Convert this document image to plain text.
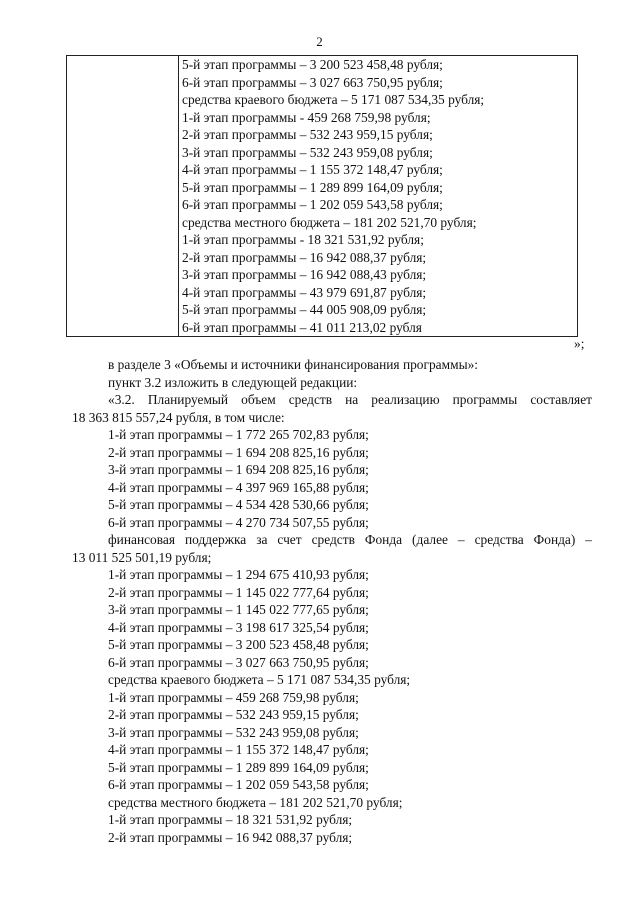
2
5-й этап программы – 3 200 523 458,48 рубля;
6-й этап программы – 3 027 663 750,95 рубля;
средства краевого бюджета – 5 171 087 534,35 рубля;
1-й этап программы - 459 268 759,98 рубля;
2-й этап программы – 532 243 959,15 рубля;
3-й этап программы – 532 243 959,08 рубля;
4-й этап программы – 1 155 372 148,47 рубля;
5-й этап программы – 1 289 899 164,09 рубля;
6-й этап программы – 1 202 059 543,58 рубля;
средства местного бюджета – 181 202 521,70 рубля;
1-й этап программы - 18 321 531,92 рубля;
2-й этап программы – 16 942 088,37 рубля;
3-й этап программы – 16 942 088,43 рубля;
4-й этап программы – 43 979 691,87 рубля;
5-й этап программы – 44 005 908,09 рубля;
6-й этап программы – 41 011 213,02 рубля
»;
в разделе 3 «Объемы и источники финансирования программы»:
пункт 3.2 изложить в следующей редакции:
«3.2. Планируемый объем средств на реализацию программы составляет
18 363 815 557,24 рубля, в том числе:
1-й этап программы – 1 772 265 702,83 рубля;
2-й этап программы – 1 694 208 825,16 рубля;
3-й этап программы – 1 694 208 825,16 рубля;
4-й этап программы – 4 397 969 165,88 рубля;
5-й этап программы – 4 534 428 530,66 рубля;
6-й этап программы – 4 270 734 507,55 рубля;
финансовая поддержка за счет средств Фонда (далее – средства Фонда) –
13 011 525 501,19 рубля;
1-й этап программы – 1 294 675 410,93 рубля;
2-й этап программы – 1 145 022 777,64 рубля;
3-й этап программы – 1 145 022 777,65 рубля;
4-й этап программы – 3 198 617 325,54 рубля;
5-й этап программы – 3 200 523 458,48 рубля;
6-й этап программы – 3 027 663 750,95 рубля;
средства краевого бюджета – 5 171 087 534,35 рубля;
1-й этап программы – 459 268 759,98 рубля;
2-й этап программы – 532 243 959,15 рубля;
3-й этап программы – 532 243 959,08 рубля;
4-й этап программы – 1 155 372 148,47 рубля;
5-й этап программы – 1 289 899 164,09 рубля;
6-й этап программы – 1 202 059 543,58 рубля;
средства местного бюджета – 181 202 521,70 рубля;
1-й этап программы – 18 321 531,92 рубля;
2-й этап программы – 16 942 088,37 рубля;
